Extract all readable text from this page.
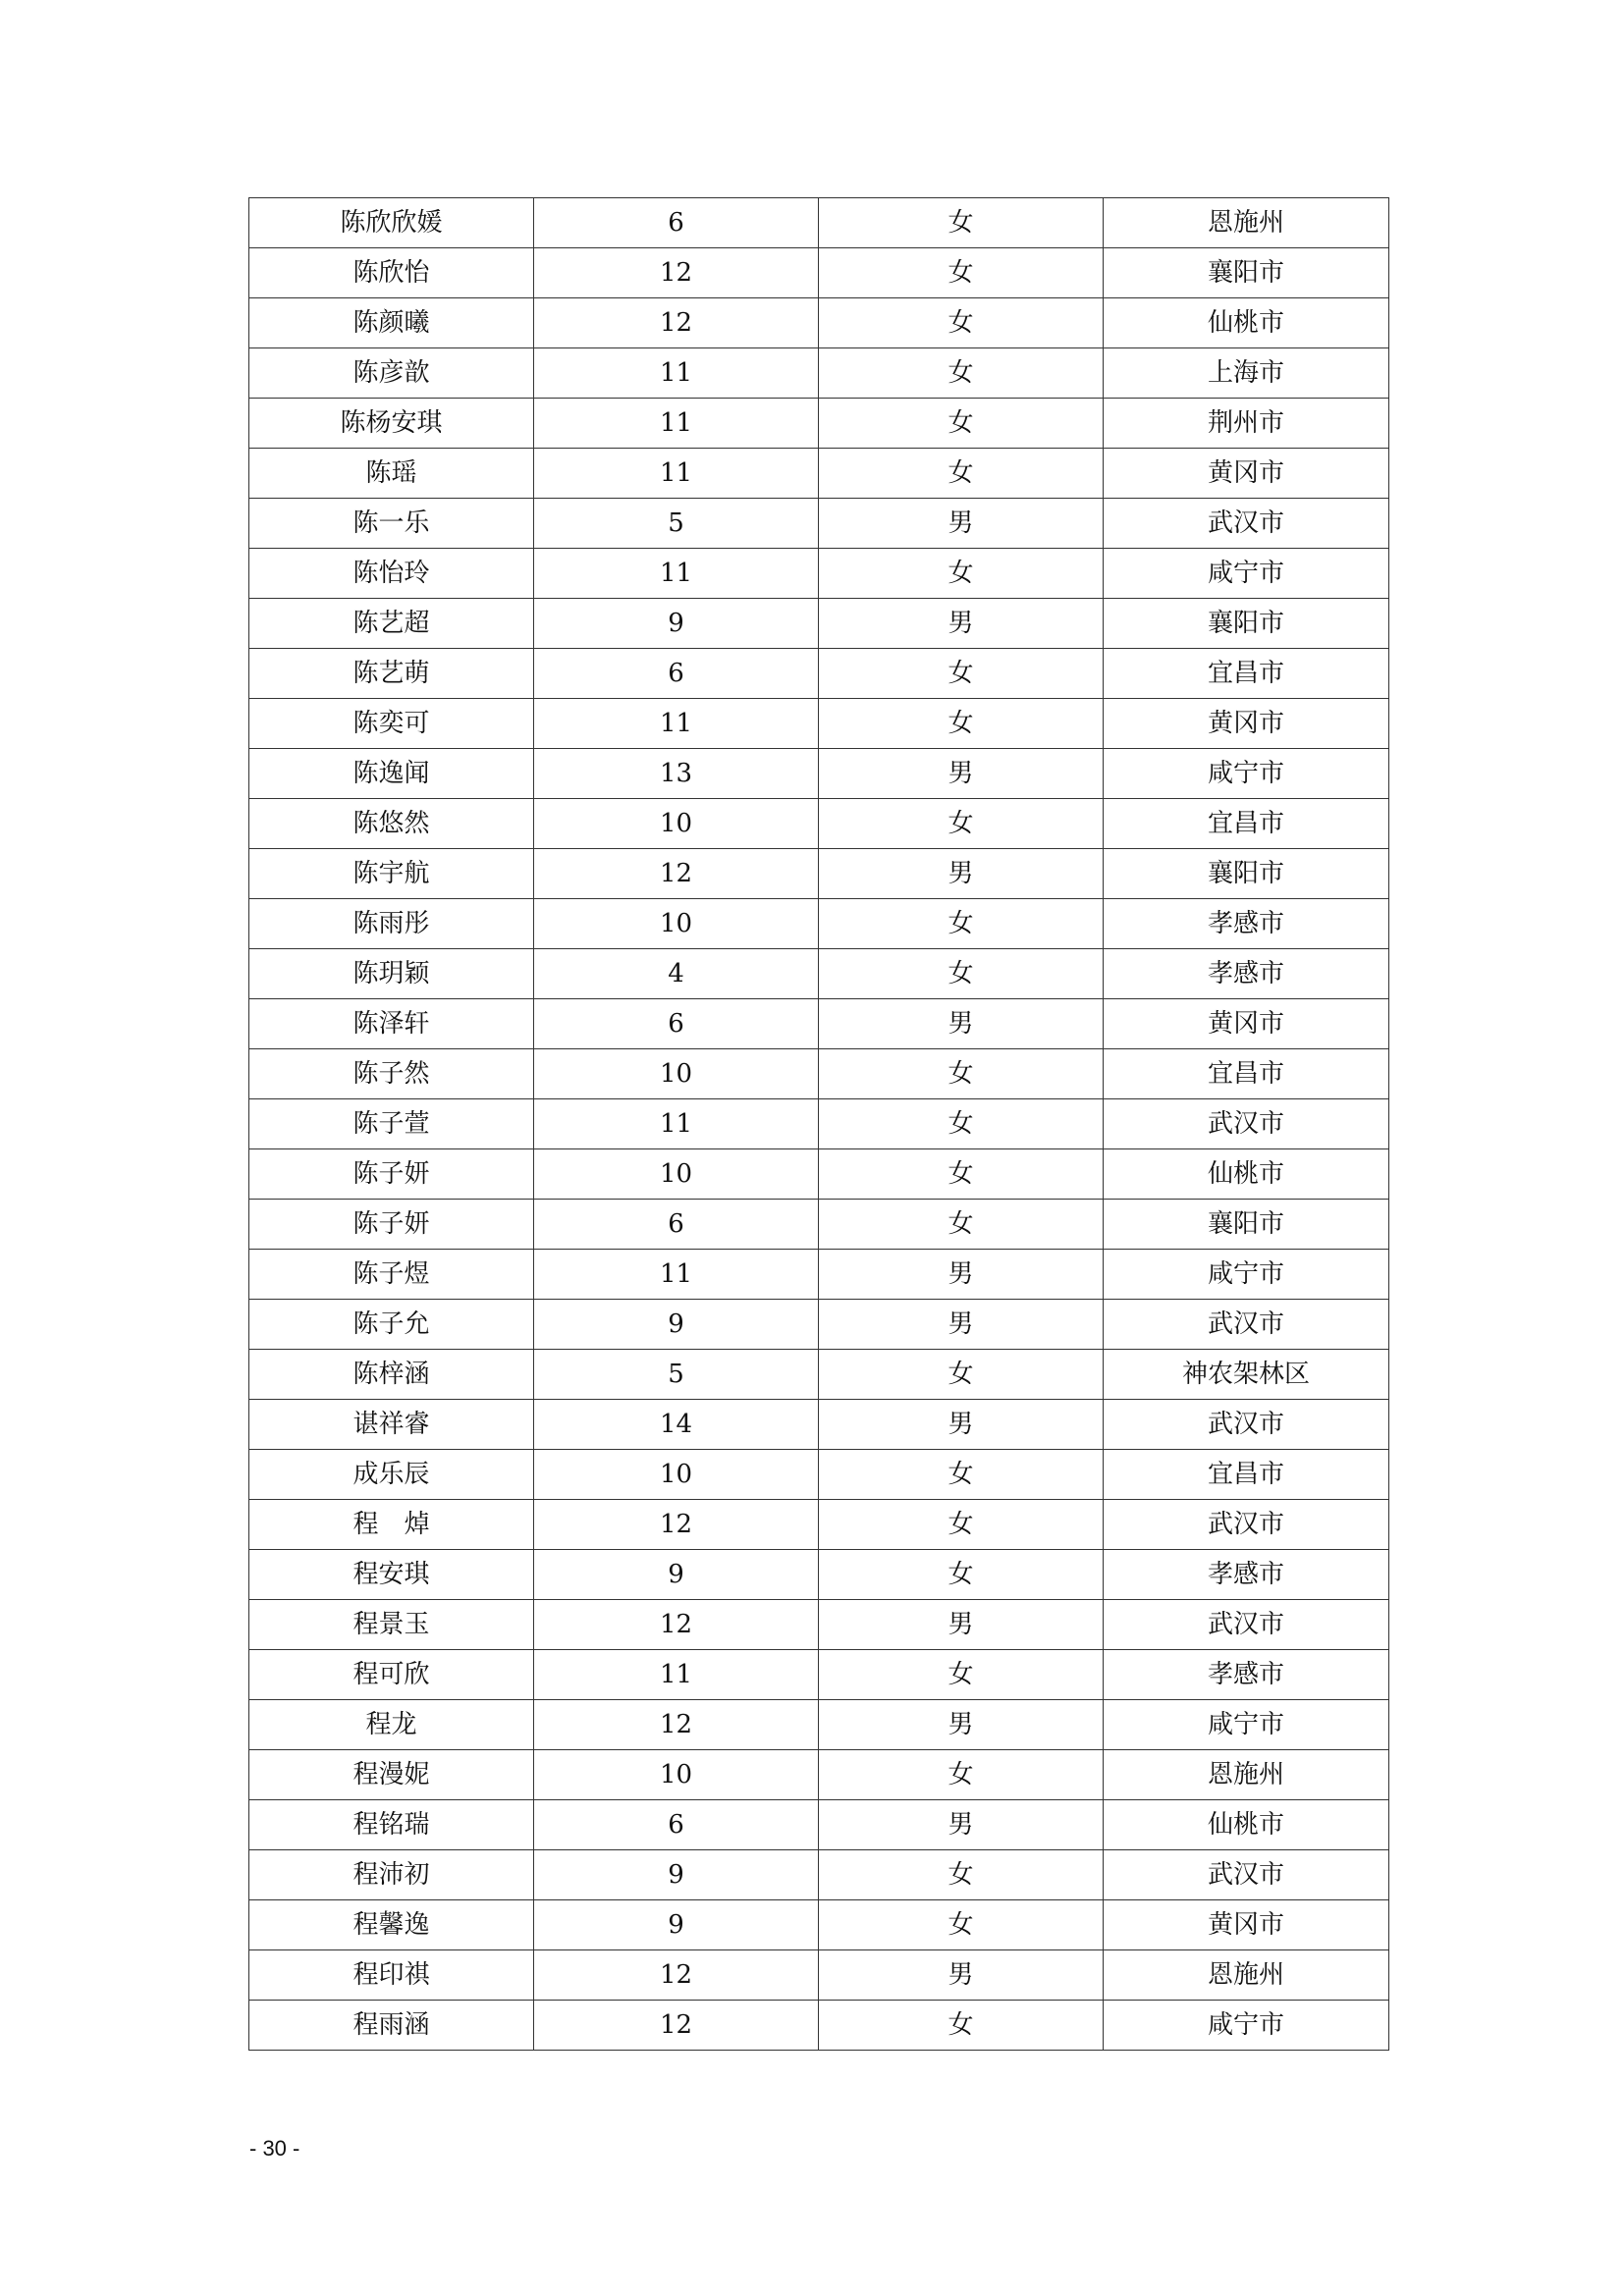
陈欣欣媛	6	女	恩施州
陈欣怡	12	女	襄阳市
陈颜曦	12	女	仙桃市
陈彦歆	11	女	上海市
陈杨安琪	11	女	荆州市
陈瑶	11	女	黄冈市
陈一乐	5	男	武汉市
陈怡玲	11	女	咸宁市
陈艺超	9	男	襄阳市
陈艺萌	6	女	宜昌市
陈奕可	11	女	黄冈市
陈逸闻	13	男	咸宁市
陈悠然	10	女	宜昌市
陈宇航	12	男	襄阳市
陈雨彤	10	女	孝感市
陈玥颖	4	女	孝感市
陈泽轩	6	男	黄冈市
陈子然	10	女	宜昌市
陈子萱	11	女	武汉市
陈子妍	10	女	仙桃市
陈子妍	6	女	襄阳市
陈子煜	11	男	咸宁市
陈子允	9	男	武汉市
陈梓涵	5	女	神农架林区
谌祥睿	14	男	武汉市
成乐辰	10	女	宜昌市
程　焯	12	女	武汉市
程安琪	9	女	孝感市
程景玉	12	男	武汉市
程可欣	11	女	孝感市
程龙	12	男	咸宁市
程漫妮	10	女	恩施州
程铭瑞	6	男	仙桃市
程沛初	9	女	武汉市
程馨逸	9	女	黄冈市
程印祺	12	男	恩施州
程雨涵	12	女	咸宁市
- 30 -
